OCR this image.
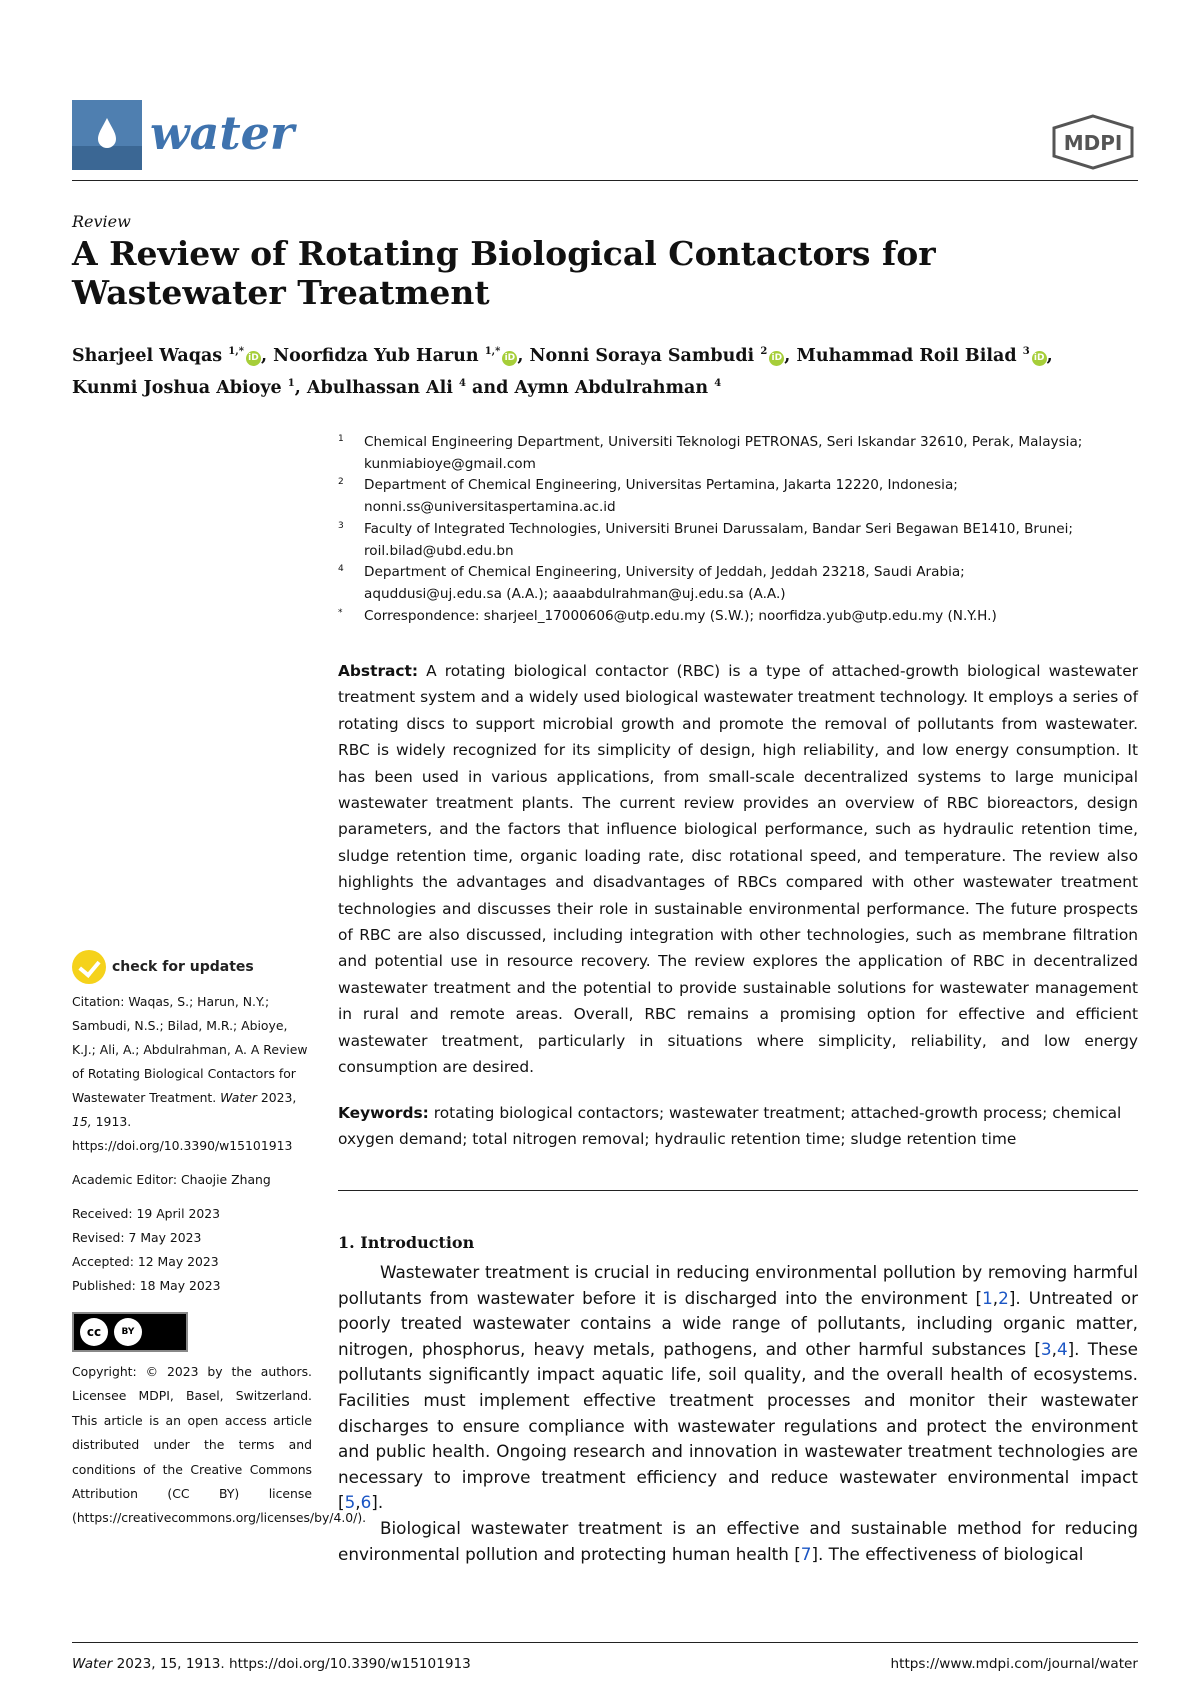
water	MDPI
Review
A Review of Rotating Biological Contactors for
Wastewater Treatment
Sharjeel Waqas $^{1,*}$iD , Noorfidza Yub Harun $^{1,*}$iD , Nonni Soraya Sambudi $^2$iD , Muhammad Roil Bilad $^3$iD ,
Kunmi Joshua Abioye $^1$, Abulhassan Ali $^4$ and Aymn Abdulrahman $^4$
1 Chemical Engineering Department, Universiti Teknologi PETRONAS, Seri Iskandar 32610, Perak, Malaysia;
kunmiabioye@gmail.com
2 Department of Chemical Engineering, Universitas Pertamina, Jakarta 12220, Indonesia;
nonni.ss@universitaspertamina.ac.id
3 Faculty of Integrated Technologies, Universiti Brunei Darussalam, Bandar Seri Begawan BE1410, Brunei;
roil.bilad@ubd.edu.bn
4 Department of Chemical Engineering, University of Jeddah, Jeddah 23218, Saudi Arabia;
aquddusi@uj.edu.sa (A.A.); aaaabdulrahman@uj.edu.sa (A.A.)
* Correspondence: sharjeel_17000606@utp.edu.my (S.W.); noorfidza.yub@utp.edu.my (N.Y.H.)
Abstract: A rotating biological contactor (RBC) is a type of attached-growth biological wastewater treatment system and a widely used biological wastewater treatment technology. It employs a series of rotating discs to support microbial growth and promote the removal of pollutants from wastewater. RBC is widely recognized for its simplicity of design, high reliability, and low energy consumption. It has been used in various applications, from small-scale decentralized systems to large municipal wastewater treatment plants. The current review provides an overview of RBC bioreactors, design parameters, and the factors that influence biological performance, such as hydraulic retention time, sludge retention time, organic loading rate, disc rotational speed, and temperature. The review also highlights the advantages and disadvantages of RBCs compared with other wastewater treatment technologies and discusses their role in sustainable environmental performance. The future prospects of RBC are also discussed, including integration with other technologies, such as membrane filtration and potential use in resource recovery. The review explores the application of RBC in decentralized wastewater treatment and the potential to provide sustainable solutions for wastewater management in rural and remote areas. Overall, RBC remains a promising option for effective and efficient wastewater treatment, particularly in situations where simplicity, reliability, and low energy consumption are desired.
Keywords: rotating biological contactors; wastewater treatment; attached-growth process; chemical oxygen demand; total nitrogen removal; hydraulic retention time; sludge retention time
1. Introduction

Wastewater treatment is crucial in reducing environmental pollution by removing harmful pollutants from wastewater before it is discharged into the environment [1,2]. Untreated or poorly treated wastewater contains a wide range of pollutants, including organic matter, nitrogen, phosphorus, heavy metals, pathogens, and other harmful substances [3,4]. These pollutants significantly impact aquatic life, soil quality, and the overall health of ecosystems. Facilities must implement effective treatment processes and monitor their wastewater discharges to ensure compliance with wastewater regulations and protect the environment and public health. Ongoing research and innovation in wastewater treatment technologies are necessary to improve treatment efficiency and reduce wastewater environmental impact [5,6].

Biological wastewater treatment is an effective and sustainable method for reducing environmental pollution and protecting human health [7]. The effectiveness of biological

check for updates
Citation: Waqas, S.; Harun, N.Y.; Sambudi, N.S.; Bilad, M.R.; Abioye, K.J.; Ali, A.; Abdulrahman, A. A Review of Rotating Biological Contactors for Wastewater Treatment. Water 2023, 15, 1913. https://doi.org/10.3390/w15101913
Academic Editor: Chaojie Zhang
Received: 19 April 2023
Revised: 7 May 2023
Accepted: 12 May 2023
Published: 18 May 2023
cc	BY
Copyright: © 2023 by the authors. Licensee MDPI, Basel, Switzerland. This article is an open access article distributed under the terms and conditions of the Creative Commons Attribution (CC BY) license (https://creativecommons.org/licenses/by/4.0/).
Water 2023, 15, 1913. https://doi.org/10.3390/w15101913	https://www.mdpi.com/journal/water
